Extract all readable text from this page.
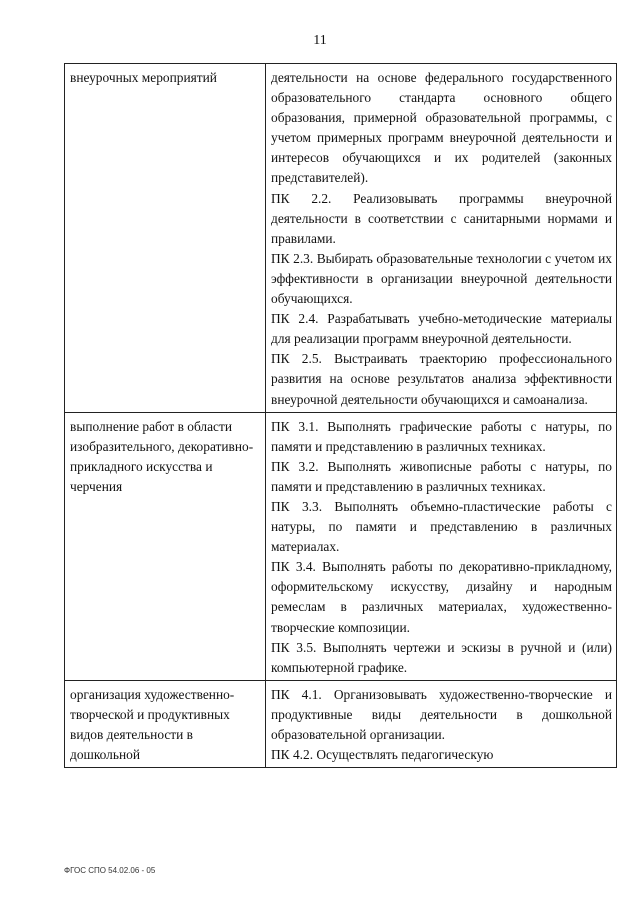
11
внеурочных мероприятий	деятельности на основе федерального государственного образовательного стандарта основного общего образования, примерной образовательной программы, с учетом примерных программ внеурочной деятельности и интересов обучающихся и их родителей (законных представителей).

ПК 2.2. Реализовывать программы внеурочной деятельности в соответствии с санитарными нормами и правилами.

ПК 2.3. Выбирать образовательные технологии с учетом их эффективности в организации внеурочной деятельности обучающихся.

ПК 2.4. Разрабатывать учебно-методические материалы для реализации программ внеурочной деятельности.

ПК 2.5. Выстраивать траекторию профессионального развития на основе результатов анализа эффективности внеурочной деятельности обучающихся и самоанализа.

выполнение работ в области изобразительного, декоративно-прикладного искусства и черчения	ПК 3.1. Выполнять графические работы с натуры, по памяти и представлению в различных техниках.

ПК 3.2. Выполнять живописные работы с натуры, по памяти и представлению в различных техниках.

ПК 3.3. Выполнять объемно-пластические работы с натуры, по памяти и представлению в различных материалах.

ПК 3.4. Выполнять работы по декоративно-прикладному, оформительскому искусству, дизайну и народным ремеслам в различных материалах, художественно-творческие композиции.

ПК 3.5. Выполнять чертежи и эскизы в ручной и (или) компьютерной графике.

организация художественно-творческой и продуктивных видов деятельности в дошкольной	ПК 4.1. Организовывать художественно-творческие и продуктивные виды деятельности в дошкольной образовательной организации.

ПК 4.2. Осуществлять педагогическую

ФГОС СПО 54.02.06 - 05
